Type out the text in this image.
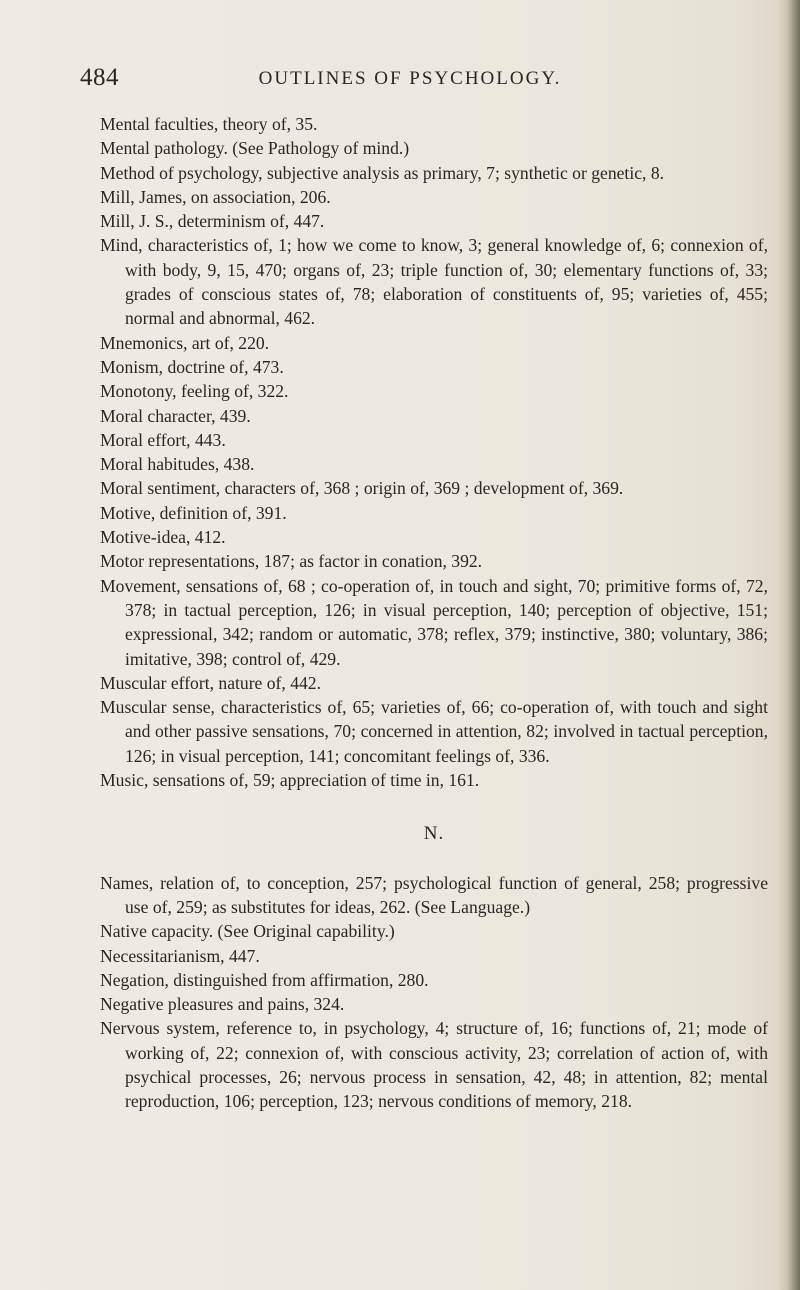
484	OUTLINES OF PSYCHOLOGY.

Mental faculties, theory of, 35.

Mental pathology. (See Pathology of mind.)

Method of psychology, subjective analysis as primary, 7; synthetic or genetic, 8.

Mill, James, on association, 206.

Mill, J. S., determinism of, 447.

Mind, characteristics of, 1; how we come to know, 3; general knowledge of, 6; connexion of, with body, 9, 15, 470; organs of, 23; triple function of, 30; elementary functions of, 33; grades of conscious states of, 78; elaboration of constituents of, 95; varieties of, 455; normal and abnormal, 462.

Mnemonics, art of, 220.

Monism, doctrine of, 473.

Monotony, feeling of, 322.

Moral character, 439.

Moral effort, 443.

Moral habitudes, 438.

Moral sentiment, characters of, 368 ; origin of, 369 ; development of, 369.

Motive, definition of, 391.

Motive-idea, 412.

Motor representations, 187; as factor in conation, 392.

Movement, sensations of, 68 ; co-operation of, in touch and sight, 70; primitive forms of, 72, 378; in tactual perception, 126; in visual perception, 140; perception of objective, 151; expressional, 342; random or automatic, 378; reflex, 379; instinctive, 380; voluntary, 386; imitative, 398; control of, 429.

Muscular effort, nature of, 442.

Muscular sense, characteristics of, 65; varieties of, 66; co-operation of, with touch and sight and other passive sensations, 70; concerned in attention, 82; involved in tactual perception, 126; in visual perception, 141; concomitant feelings of, 336.

Music, sensations of, 59; appreciation of time in, 161.

N.

Names, relation of, to conception, 257; psychological function of general, 258; progressive use of, 259; as substitutes for ideas, 262. (See Language.)

Native capacity. (See Original capability.)

Necessitarianism, 447.

Negation, distinguished from affirmation, 280.

Negative pleasures and pains, 324.

Nervous system, reference to, in psychology, 4; structure of, 16; functions of, 21; mode of working of, 22; connexion of, with conscious activity, 23; correlation of action of, with psychical processes, 26; nervous process in sensation, 42, 48; in attention, 82; mental reproduction, 106; perception, 123; nervous conditions of memory, 218.
